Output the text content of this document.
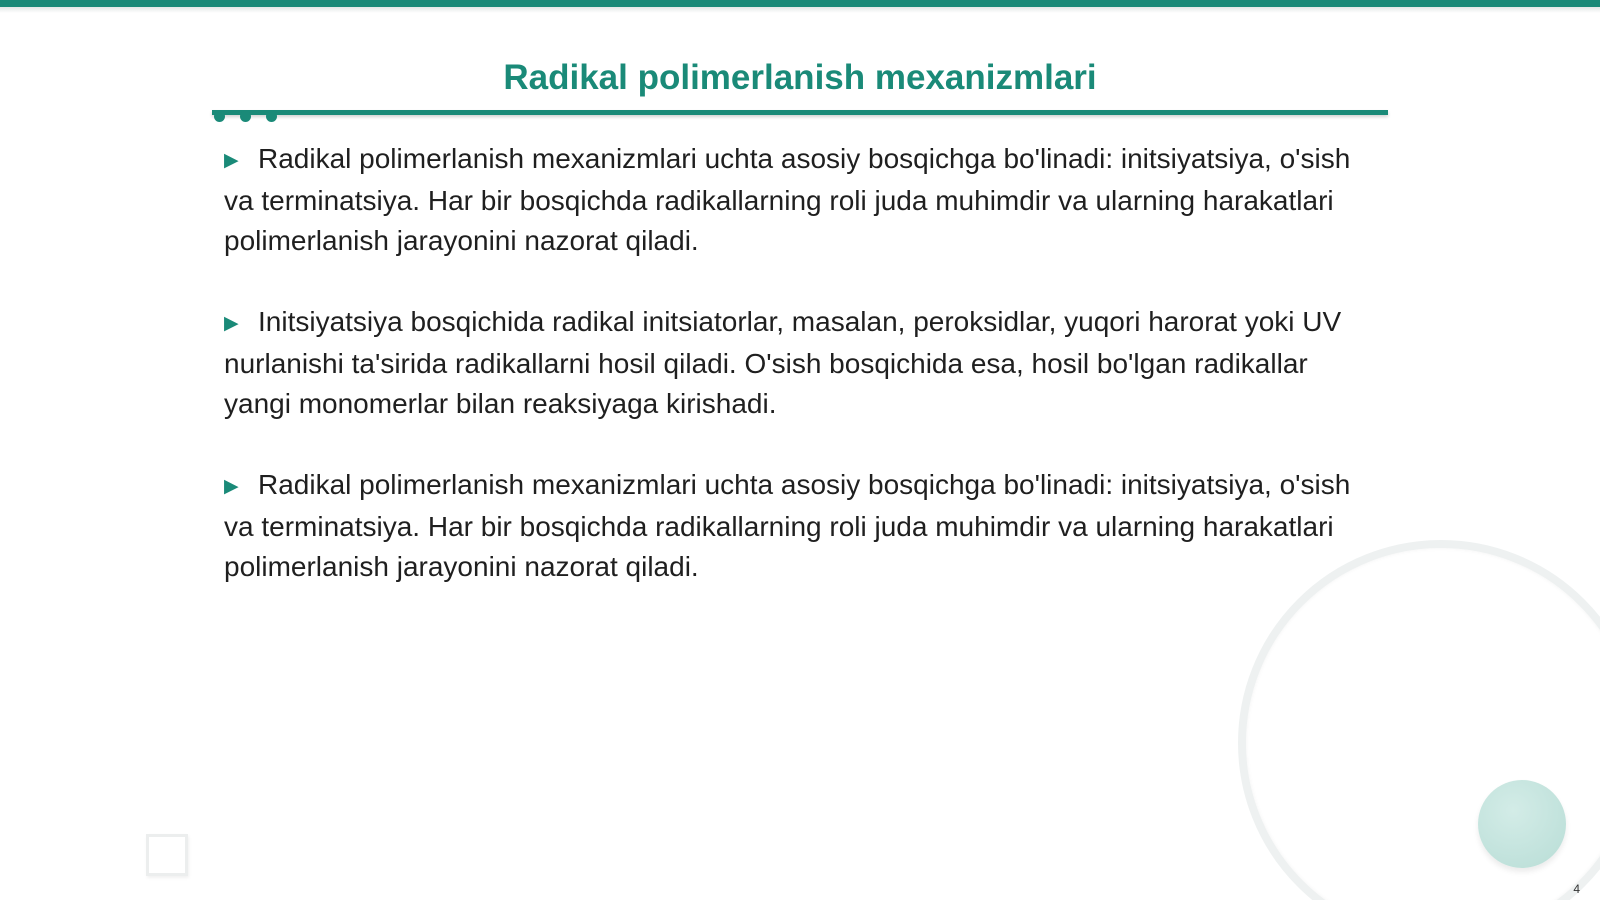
Radikal polimerlanish mexanizmlari

▶ Radikal polimerlanish mexanizmlari uchta asosiy bosqichga bo'linadi: initsiyatsiya, o'sish va terminatsiya. Har bir bosqichda radikallarning roli juda muhimdir va ularning harakatlari polimerlanish jarayonini nazorat qiladi.

▶ Initsiyatsiya bosqichida radikal initsiatorlar, masalan, peroksidlar, yuqori harorat yoki UV nurlanishi ta'sirida radikallarni hosil qiladi. O'sish bosqichida esa, hosil bo'lgan radikallar yangi monomerlar bilan reaksiyaga kirishadi.

▶ Radikal polimerlanish mexanizmlari uchta asosiy bosqichga bo'linadi: initsiyatsiya, o'sish va terminatsiya. Har bir bosqichda radikallarning roli juda muhimdir va ularning harakatlari polimerlanish jarayonini nazorat qiladi.

4
